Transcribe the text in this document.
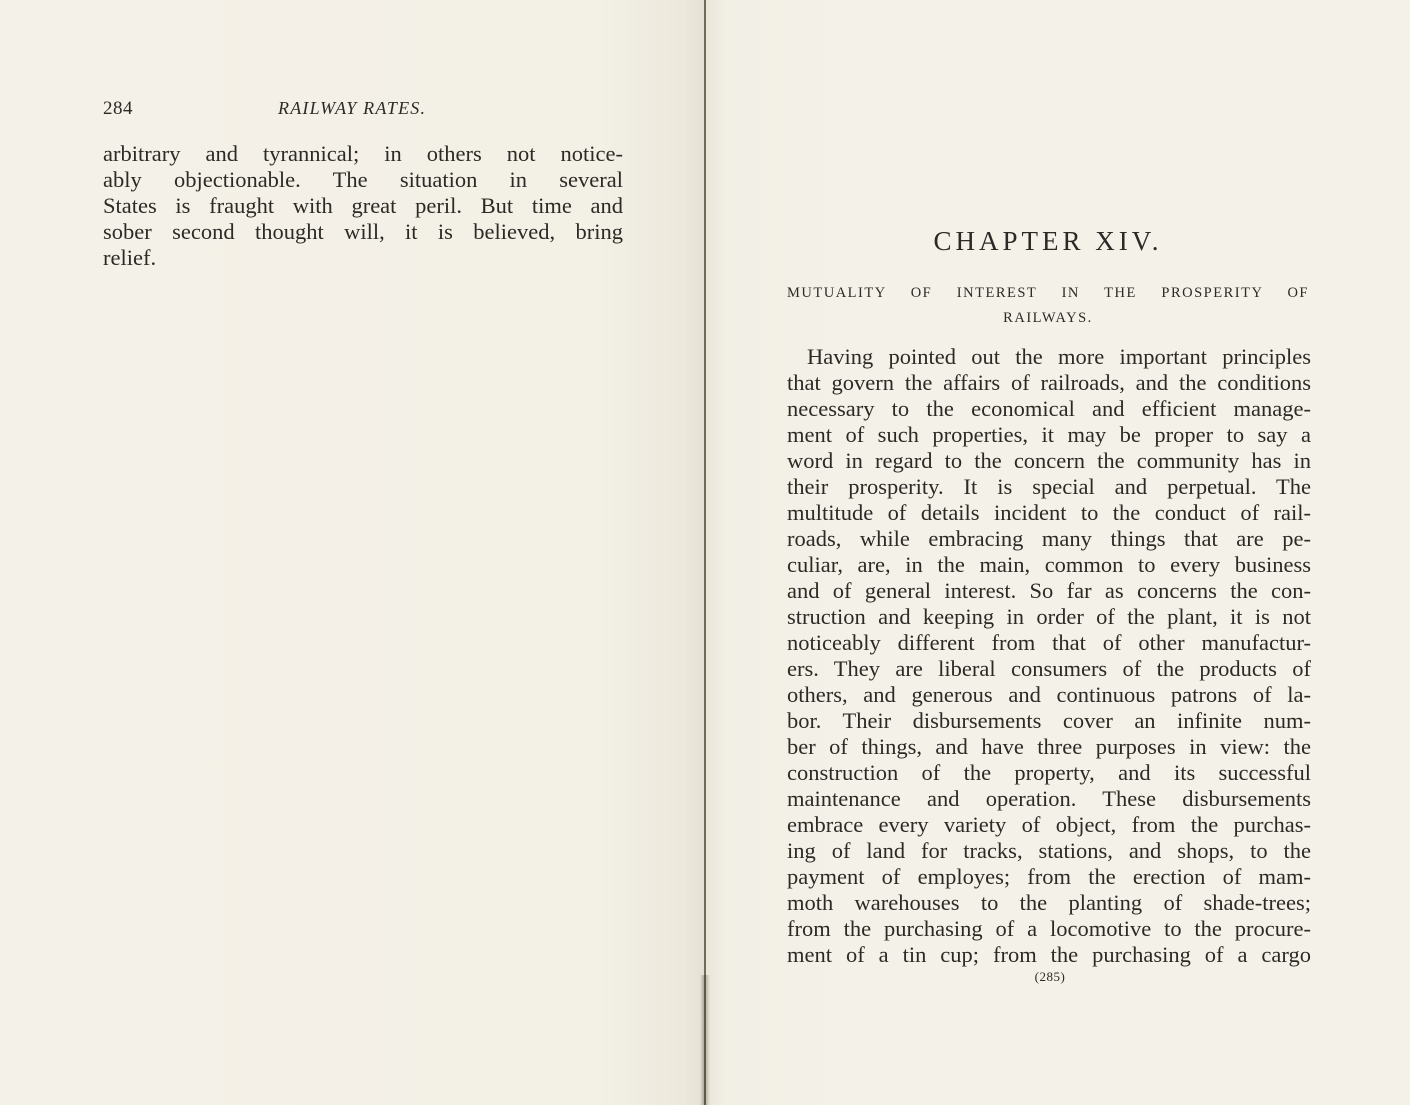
284	RAILWAY RATES.
arbitrary and tyrannical; in others not notice-
ably objectionable. The situation in several
States is fraught with great peril. But time and
sober second thought will, it is believed, bring
relief.
CHAPTER XIV.
MUTUALITY OF INTEREST IN THE PROSPERITY OF
RAILWAYS.
Having pointed out the more important principles
that govern the affairs of railroads, and the conditions
necessary to the economical and efficient manage-
ment of such properties, it may be proper to say a
word in regard to the concern the community has in
their prosperity. It is special and perpetual. The
multitude of details incident to the conduct of rail-
roads, while embracing many things that are pe-
culiar, are, in the main, common to every business
and of general interest. So far as concerns the con-
struction and keeping in order of the plant, it is not
noticeably different from that of other manufactur-
ers. They are liberal consumers of the products of
others, and generous and continuous patrons of la-
bor. Their disbursements cover an infinite num-
ber of things, and have three purposes in view: the
construction of the property, and its successful
maintenance and operation. These disbursements
embrace every variety of object, from the purchas-
ing of land for tracks, stations, and shops, to the
payment of employes; from the erection of mam-
moth warehouses to the planting of shade-trees;
from the purchasing of a locomotive to the procure-
ment of a tin cup; from the purchasing of a cargo
(285)
